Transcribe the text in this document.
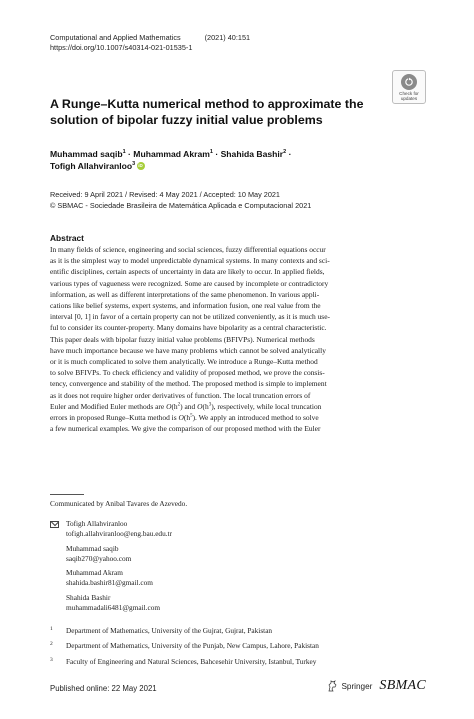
Computational and Applied Mathematics	(2021) 40:151
https://doi.org/10.1007/s40314-021-01535-1
Check for
updates
A Runge–Kutta numerical method to approximate the
solution of bipolar fuzzy initial value problems
Muhammad saqib$^1$ · Muhammad Akram$^1$ · Shahida Bashir$^2$ ·
Tofigh Allahviranloo$^3$iD
Received: 9 April 2021 / Revised: 4 May 2021 / Accepted: 10 May 2021
© SBMAC - Sociedade Brasileira de Matemática Aplicada e Computacional 2021
Abstract
In many fields of science, engineering and social sciences, fuzzy differential equations occur
as it is the simplest way to model unpredictable dynamical systems. In many contexts and sci-
entific disciplines, certain aspects of uncertainty in data are likely to occur. In applied fields,
various types of vagueness were recognized. Some are caused by incomplete or contradictory
information, as well as different interpretations of the same phenomenon. In various appli-
cations like belief systems, expert systems, and information fusion, one real value from the
interval [0, 1] in favor of a certain property can not be utilized conveniently, as it is much use-
ful to consider its counter-property. Many domains have bipolarity as a central characteristic.
This paper deals with bipolar fuzzy initial value problems (BFIVPs). Numerical methods
have much importance because we have many problems which cannot be solved analytically
or it is much complicated to solve them analytically. We introduce a Runge–Kutta method
to solve BFIVPs. To check efficiency and validity of proposed method, we prove the consis-
tency, convergence and stability of the method. The proposed method is simple to implement
as it does not require higher order derivatives of function. The local truncation errors of
Euler and Modified Euler methods are $O(h^2)$ and $O(h^3)$, respectively, while local truncation
errors in proposed Runge–Kutta method is $O(h^5)$. We apply an introduced method to solve
a few numerical examples. We give the comparison of our proposed method with the Euler
Communicated by Anibal Tavares de Azevedo.
Tofigh Allahviranloo
tofigh.allahviranloo@eng.bau.edu.tr
Muhammad saqib
saqib270@yahoo.com
Muhammad Akram
shahida.bashir81@gmail.com
Shahida Bashir
muhammadali6481@gmail.com
1 Department of Mathematics, University of the Gujrat, Gujrat, Pakistan
2 Department of Mathematics, University of the Punjab, New Campus, Lahore, Pakistan
3 Faculty of Engineering and Natural Sciences, Bahcesehir University, Istanbul, Turkey
Published online: 22 May 2021	Springer SBMAC
